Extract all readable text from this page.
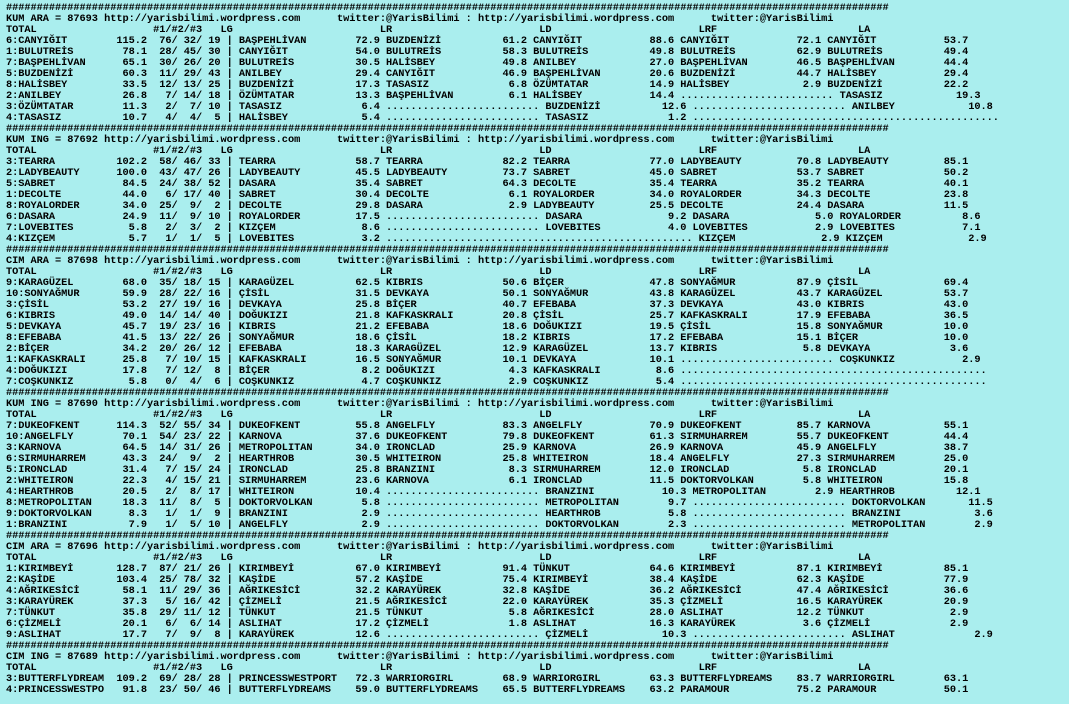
################################################################################################################################################
KUM ARA = 87693 http://yarisbilimi.wordpress.com      twitter:@YarisBilimi : http://yarisbilimi.wordpress.com      twitter:@YarisBilimi
TOTAL                   #1/#2/#3   LG                        LR                        LD                        LRF                       LA
6:CANYIĞIT        115.2  76/ 32/ 19 | BAŞPEHLİVAN        72.9 BUZDENİZİ          61.2 CANYIĞIT           88.6 CANYIĞIT           72.1 CANYIĞIT           53.7
1:BULUTREİS        78.1  28/ 45/ 30 | CANYIĞIT           54.0 BULUTREİS          58.3 BULUTREİS          49.8 BULUTREİS          62.9 BULUTREİS          49.4
7:BAŞPEHLİVAN      65.1  30/ 26/ 20 | BULUTREİS          30.5 HALİSBEY           49.8 ANILBEY            27.0 BAŞPEHLİVAN        46.5 BAŞPEHLİVAN        44.4
5:BUZDENİZİ        60.3  11/ 29/ 43 | ANILBEY            29.4 CANYIĞIT           46.9 BAŞPEHLİVAN        20.6 BUZDENİZİ          44.7 HALİSBEY           29.4
8:HALİSBEY         33.5  12/ 13/ 25 | BUZDENİZİ          17.3 TASASIZ             6.8 ÖZÜMTATAR          14.9 HALİSBEY            2.9 BUZDENİZİ          22.2
2:ANILBEY          26.8   7/ 14/ 18 | ÖZÜMTATAR          13.3 BAŞPEHLİVAN         6.1 HALİSBEY           14.4 ......................... TASASIZ            19.3
3:ÖZÜMTATAR        11.3   2/  7/ 10 | TASASIZ             6.4 ......................... BUZDENİZİ          12.6 ......................... ANILBEY            10.8
4:TASASIZ          10.7   4/  4/  5 | HALİSBEY            5.4 ......................... TASASIZ             1.2 ..................................................
################################################################################################################################################
KUM ING = 87692 http://yarisbilimi.wordpress.com      twitter:@YarisBilimi : http://yarisbilimi.wordpress.com      twitter:@YarisBilimi
TOTAL                   #1/#2/#3   LG                        LR                        LD                        LRF                       LA
3:TEARRA          102.2  58/ 46/ 33 | TEARRA             58.7 TEARRA             82.2 TEARRA             77.0 LADYBEAUTY         70.8 LADYBEAUTY         85.1
2:LADYBEAUTY      100.0  43/ 47/ 26 | LADYBEAUTY         45.5 LADYBEAUTY         73.7 SABRET             45.0 SABRET             53.7 SABRET             50.2
5:SABRET           84.5  24/ 38/ 52 | DASARA             35.4 SABRET             64.3 DECOLTE            35.4 TEARRA             35.2 TEARRA             40.1
1:DECOLTE          44.0   6/ 17/ 40 | SABRET             30.4 DECOLTE             6.1 ROYALORDER         34.0 ROYALORDER         34.3 DECOLTE            23.8
8:ROYALORDER       34.0  25/  9/  2 | DECOLTE            29.8 DASARA              2.9 LADYBEAUTY         25.5 DECOLTE            24.4 DASARA             11.5
6:DASARA           24.9  11/  9/ 10 | ROYALORDER         17.5 ......................... DASARA              9.2 DASARA              5.0 ROYALORDER          8.6
7:LOVEBITES         5.8   2/  3/  2 | KIZÇEM              8.6 ......................... LOVEBITES           4.0 LOVEBITES           2.9 LOVEBITES           7.1
4:KIZÇEM            5.7   1/  1/  5 | LOVEBITES           3.2 .................................................. KIZÇEM              2.9 KIZÇEM              2.9
################################################################################################################################################
CIM ARA = 87698 http://yarisbilimi.wordpress.com      twitter:@YarisBilimi : http://yarisbilimi.wordpress.com      twitter:@YarisBilimi
TOTAL                   #1/#2/#3   LG                        LR                        LD                        LRF                       LA
9:KARAGÜZEL        68.0  35/ 18/ 15 | KARAGÜZEL          62.5 KIBRIS             50.6 BİÇER              47.8 SONYAĞMUR          87.9 ÇİSİL              69.4
10:SONYAĞMUR       59.9  28/ 22/ 16 | ÇİSİL              31.5 DEVKAYA            50.1 SONYAĞMUR          43.8 KARAGÜZEL          43.7 KARAGÜZEL          53.7
3:ÇİSİL            53.2  27/ 19/ 16 | DEVKAYA            25.8 BİÇER              40.7 EFEBABA            37.3 DEVKAYA            43.0 KIBRIS             43.0
6:KIBRIS           49.0  14/ 14/ 40 | DOĞUKIZI           21.8 KAFKASKRALI        20.8 ÇİSİL              25.7 KAFKASKRALI        17.9 EFEBABA            36.5
5:DEVKAYA          45.7  19/ 23/ 16 | KIBRIS             21.2 EFEBABA            18.6 DOĞUKIZI           19.5 ÇİSİL              15.8 SONYAĞMUR          10.0
8:EFEBABA          41.5  13/ 22/ 26 | SONYAĞMUR          18.6 ÇİSİL              18.2 KIBRIS             17.2 EFEBABA            15.1 BİÇER              10.0
2:BİÇER            34.2  20/ 26/ 12 | EFEBABA            18.3 KARAGÜZEL          12.9 KARAGÜZEL          13.7 KIBRIS              5.8 DEVKAYA             3.6
1:KAFKASKRALI      25.8   7/ 10/ 15 | KAFKASKRALI        16.5 SONYAĞMUR          10.1 DEVKAYA            10.1 ......................... COŞKUNKIZ           2.9
4:DOĞUKIZI         17.8   7/ 12/  8 | BİÇER               8.2 DOĞUKIZI            4.3 KAFKASKRALI         8.6 ..................................................
7:COŞKUNKIZ         5.8   0/  4/  6 | COŞKUNKIZ           4.7 COŞKUNKIZ           2.9 COŞKUNKIZ           5.4 ..................................................
################################################################################################################################################
KUM ING = 87690 http://yarisbilimi.wordpress.com      twitter:@YarisBilimi : http://yarisbilimi.wordpress.com      twitter:@YarisBilimi
TOTAL                   #1/#2/#3   LG                        LR                        LD                        LRF                       LA
7:DUKEOFKENT      114.3  52/ 55/ 34 | DUKEOFKENT         55.8 ANGELFLY           83.3 ANGELFLY           70.9 DUKEOFKENT         85.7 KARNOVA            55.1
10:ANGELFLY        70.1  54/ 23/ 22 | KARNOVA            37.6 DUKEOFKENT         79.8 DUKEOFKENT         61.3 SIRMUHARREM        55.7 DUKEOFKENT         44.4
3:KARNOVA          64.5  14/ 31/ 26 | METROPOLITAN       34.0 IRONCLAD           25.9 KARNOVA            26.9 KARNOVA            45.9 ANGELFLY           38.7
6:SIRMUHARREM      43.3  24/  9/  2 | HEARTHROB          30.5 WHITEIRON          25.8 WHITEIRON          18.4 ANGELFLY           27.3 SIRMUHARREM        25.0
5:IRONCLAD         31.4   7/ 15/ 24 | IRONCLAD           25.8 BRANZINI            8.3 SIRMUHARREM        12.0 IRONCLAD            5.8 IRONCLAD           20.1
2:WHITEIRON        22.3   4/ 15/ 21 | SIRMUHARREM        23.6 KARNOVA             6.1 IRONCLAD           11.5 DOKTORVOLKAN        5.8 WHITEIRON          15.8
4:HEARTHROB        20.5   2/  8/ 17 | WHITEIRON          10.4 ......................... BRANZINI           10.3 METROPOLITAN        2.9 HEARTHROB          12.1
8:METROPOLITAN     18.3  11/  8/  5 | DOKTORVOLKAN        5.8 ......................... METROPOLITAN        9.7 ......................... DOKTORVOLKAN       11.5
9:DOKTORVOLKAN      8.3   1/  1/  9 | BRANZINI            2.9 ......................... HEARTHROB           5.8 ......................... BRANZINI            3.6
1:BRANZINI          7.9   1/  5/ 10 | ANGELFLY            2.9 ......................... DOKTORVOLKAN        2.3 ......................... METROPOLITAN        2.9
################################################################################################################################################
CIM ARA = 87696 http://yarisbilimi.wordpress.com      twitter:@YarisBilimi : http://yarisbilimi.wordpress.com      twitter:@YarisBilimi
TOTAL                   #1/#2/#3   LG                        LR                        LD                        LRF                       LA
1:KIRIMBEYİ       128.7  87/ 21/ 26 | KIRIMBEYİ          67.0 KIRIMBEYİ          91.4 TÜNKUT             64.6 KIRIMBEYİ          87.1 KIRIMBEYİ          85.1
2:KAŞİDE          103.4  25/ 78/ 32 | KAŞİDE             57.2 KAŞİDE             75.4 KIRIMBEYİ          38.4 KAŞİDE             62.3 KAŞİDE             77.9
4:AĞRIKESİCİ       58.1  11/ 29/ 36 | AĞRIKESİCİ         32.2 KARAYÜREK          32.8 KAŞİDE             36.2 AĞRIKESİCİ         47.4 AĞRIKESİCİ         36.6
3:KARAYÜREK        37.3   5/ 16/ 42 | ÇİZMELİ            21.5 AĞRIKESİCİ         22.0 KARAYÜREK          35.3 ÇİZMELİ            16.5 KARAYÜREK          20.9
7:TÜNKUT           35.8  29/ 11/ 12 | TÜNKUT             21.5 TÜNKUT              5.8 AĞRIKESİCİ         28.0 ASLIHAT            12.2 TÜNKUT              2.9
6:ÇİZMELİ          20.1   6/  6/ 14 | ASLIHAT            17.2 ÇİZMELİ             1.8 ASLIHAT            16.3 KARAYÜREK           3.6 ÇİZMELİ             2.9
9:ASLIHAT          17.7   7/  9/  8 | KARAYÜREK          12.6 ......................... ÇİZMELİ            10.3 ......................... ASLIHAT             2.9
################################################################################################################################################
CIM ING = 87689 http://yarisbilimi.wordpress.com      twitter:@YarisBilimi : http://yarisbilimi.wordpress.com      twitter:@YarisBilimi
TOTAL                   #1/#2/#3   LG                        LR                        LD                        LRF                       LA
3:BUTTERFLYDREAM  109.2  69/ 28/ 28 | PRINCESSWESTPORT   72.3 WARRIORGIRL        68.9 WARRIORGIRL        63.3 BUTTERFLYDREAMS    83.7 WARRIORGIRL        63.1
4:PRINCESSWESTPO   91.8  23/ 50/ 46 | BUTTERFLYDREAMS    59.0 BUTTERFLYDREAMS    65.5 BUTTERFLYDREAMS    63.2 PARAMOUR           75.2 PARAMOUR           50.1
